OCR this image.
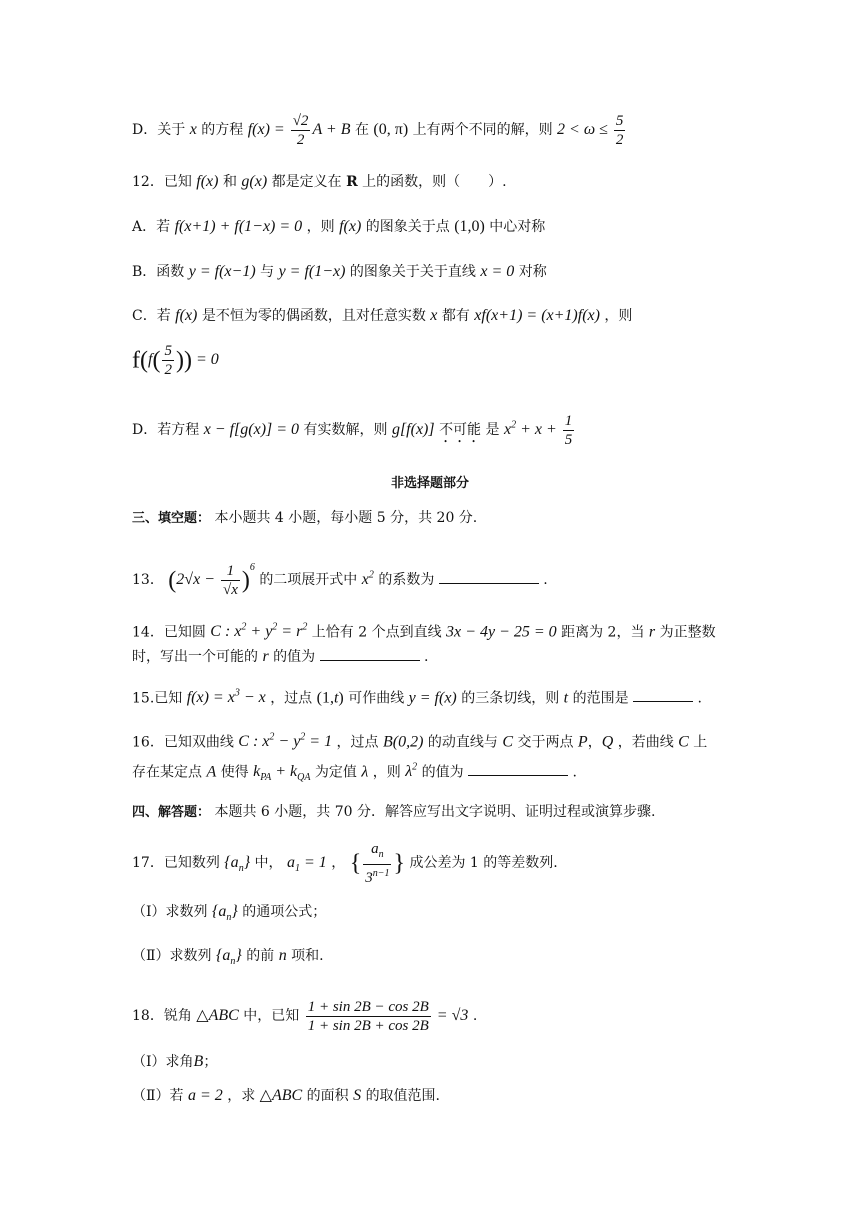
D．关于 x 的方程 $f(x) = \frac{√2}{2}$ A + B 在 (0, π) 上有两个不同的解，则 $2 < \omega \le \frac{5}{2}$
12．已知 f(x) 和 g(x) 都是定义在 R 上的函数，则（　　）.
A．若 f(x+1) + f(1−x) = 0 ，则 f(x) 的图象关于点 (1,0) 中心对称
B．函数 y = f(x−1) 与 y = f(1−x) 的图象关于关于直线 x = 0 对称
C．若 f(x) 是不恒为零的偶函数，且对任意实数 x 都有 xf(x+1) = (x+1)f(x) ，则
$f(f( \frac{5}{2}$ )) = 0
D．若方程 x − f[g(x)] = 0 有实数解，则 g[f(x)] 不可能 是 $x^2 + x + \frac{1}{5}$
非选择题部分
三、填空题： 本小题共 4 小题，每小题 5 分，共 20 分.
13． $(2√x - \frac{1}{√x} )^6$ 的二项展开式中 $x^2$ 的系数为	.
14．已知圆 C : $x^2 + y^2 = r^2$ 上恰有 2 个点到直线 3x − 4y − 25 = 0 距离为 2，当 r 为正整数
时，写出一个可能的 r 的值为	.
15.已知 $f(x) = x^3 - x$ ，过点 (1,t) 可作曲线 y = f(x) 的三条切线，则 t 的范围是	.
16．已知双曲线 C : $x^2 - y^2 = 1$ ，过点 B(0,2) 的动直线与 C 交于两点 P，Q ，若曲线 C 上
存在某定点 A 使得 $k_{PA} + k_{QA}$ 为定值 λ ，则 $\lambda^2$ 的值为	.
四、解答题： 本题共 6 小题，共 70 分．解答应写出文字说明、证明过程或演算步骤.
17．已知数列 $\{a_n\}$ 中， $a_1 = 1$ ， { $\frac{a_n}{3^{n-1}}$ } 成公差为 1 的等差数列.
（Ⅰ）求数列 $\{a_n\}$ 的通项公式；
（Ⅱ）求数列 $\{a_n\}$ 的前 n 项和.
18．锐角 △ABC 中，已知 $\frac{1 + \sin 2B - \cos 2B}{1 + \sin 2B + \cos 2B} = √3$ .
（Ⅰ）求角B；
（Ⅱ）若 a = 2 ，求 △ABC 的面积 S 的取值范围.
